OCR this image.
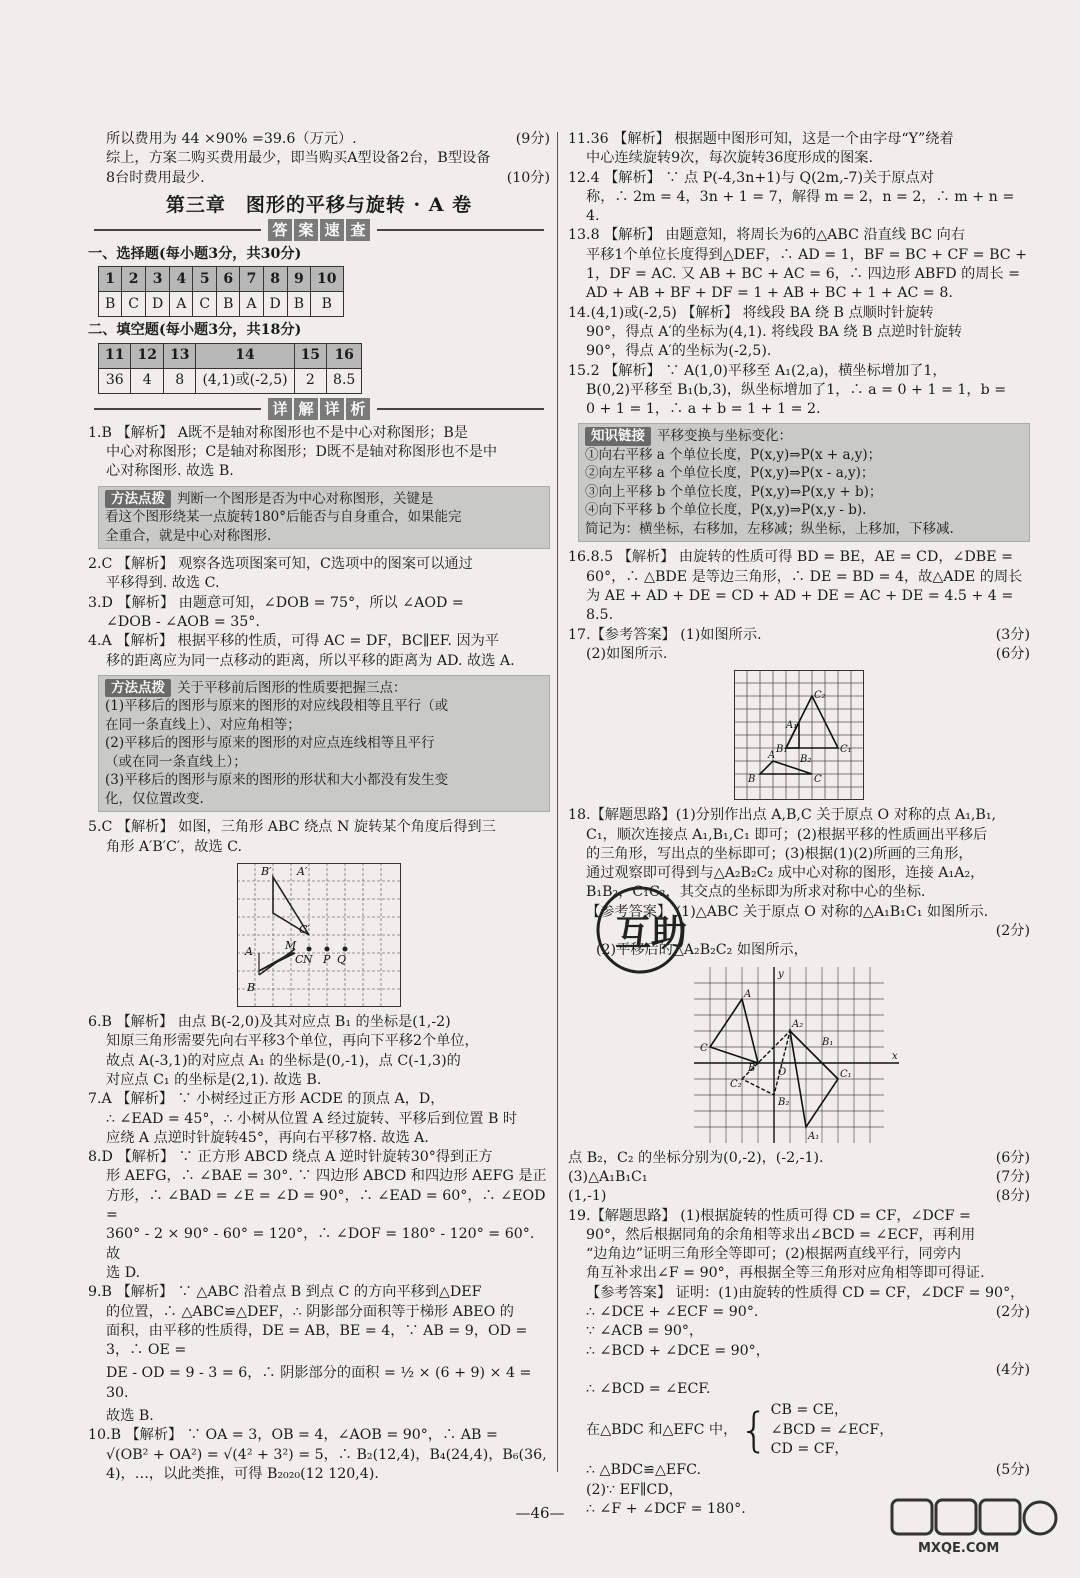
所以费用为 44 ×90% =39.6（万元）.	(9分)

综上，方案二购买费用最少，即当购买A型设备2台，B型设备

8台时费用最少.	(10分)
第三章　图形的平移与旋转 · A 卷
答 案 速 查

一、选择题(每小题3分，共30分)

1	2	3	4	5	6	7	8	9	10
B	C	D	A	C	B	A	D	B	B

二、填空题(每小题3分，共18分)

11	12	13	14	15	16
36	4	8	(4,1)或(-2,5)	2	8.5
详 解 详 析

1.B 【解析】 A既不是轴对称图形也不是中心对称图形；B是

中心对称图形；C是轴对称图形；D既不是轴对称图形也不是中

心对称图形. 故选 B.

方法点拨 判断一个图形是否为中心对称图形，关键是

看这个图形绕某一点旋转180°后能否与自身重合，如果能完

全重合，就是中心对称图形.

2.C 【解析】 观察各选项图案可知，C选项中的图案可以通过

平移得到. 故选 C.

3.D 【解析】 由题意可知，∠DOB = 75°，所以 ∠AOD =

∠DOB - ∠AOB = 35°.

4.A 【解析】 根据平移的性质，可得 AC = DF，BC∥EF. 因为平

移的距离应为同一点移动的距离，所以平移的距离为 AD. 故选 A.

方法点拨 关于平移前后图形的性质要把握三点：

(1)平移后的图形与原来的图形的对应线段相等且平行（或

在同一条直线上）、对应角相等；

(2)平移后的图形与原来的图形的对应点连线相等且平行

（或在同一条直线上）；

(3)平移后的图形与原来的图形的形状和大小都没有发生变

化，仅位置改变.

5.C 【解析】 如图，三角形 ABC 绕点 N 旋转某个角度后得到三

角形 A′B′C′，故选 C.

B′ A′
C′
A	M
C N P Q
B

6.B 【解析】 由点 B(-2,0)及其对应点 B₁ 的坐标是(1,-2)

知原三角形需要先向右平移3个单位，再向下平移2个单位，

故点 A(-3,1)的对应点 A₁ 的坐标是(0,-1)，点 C(-1,3)的

对应点 C₁ 的坐标是(2,1). 故选 B.

7.A 【解析】 ∵ 小树经过正方形 ACDE 的顶点 A，D，

∴ ∠EAD = 45°，∴ 小树从位置 A 经过旋转、平移后到位置 B 时

应绕 A 点逆时针旋转45°，再向右平移7格. 故选 A.

8.D 【解析】 ∵ 正方形 ABCD 绕点 A 逆时针旋转30°得到正方

形 AEFG，∴ ∠BAE = 30°. ∵ 四边形 ABCD 和四边形 AEFG 是正

方形，∴ ∠BAD = ∠E = ∠D = 90°，∴ ∠EAD = 60°，∴ ∠EOD =

360° - 2 × 90° - 60° = 120°，∴ ∠DOF = 180° - 120° = 60°. 故

选 D.

9.B 【解析】 ∵ △ABC 沿着点 B 到点 C 的方向平移到△DEF

的位置，∴ △ABC≌△DEF，∴ 阴影部分面积等于梯形 ABEO 的

面积，由平移的性质得，DE = AB，BE = 4，∵ AB = 9，OD = 3，∴ OE =

DE - OD = 9 - 3 = 6，∴ 阴影部分的面积 = ½ × (6 + 9) × 4 = 30.

故选 B.

10.B 【解析】 ∵ OA = 3，OB = 4，∠AOB = 90°，∴ AB =

√(OB² + OA²) = √(4² + 3²) = 5，∴ B₂(12,4)，B₄(24,4)，B₆(36,

4)，…，以此类推，可得 B₂₀₂₀(12 120,4).

11.36 【解析】 根据题中图形可知，这是一个由字母“Y”绕着

中心连续旋转9次，每次旋转36度形成的图案.

12.4 【解析】 ∵ 点 P(-4,3n+1)与 Q(2m,-7)关于原点对

称，∴ 2m = 4，3n + 1 = 7，解得 m = 2，n = 2，∴ m + n = 4.

13.8 【解析】 由题意知，将周长为6的△ABC 沿直线 BC 向右

平移1个单位长度得到△DEF，∴ AD = 1，BF = BC + CF = BC +

1，DF = AC. 又 AB + BC + AC = 6，∴ 四边形 ABFD 的周长 =

AD + AB + BF + DF = 1 + AB + BC + 1 + AC = 8.

14.(4,1)或(-2,5) 【解析】 将线段 BA 绕 B 点顺时针旋转

90°，得点 A′的坐标为(4,1). 将线段 BA 绕 B 点逆时针旋转

90°，得点 A′的坐标为(-2,5).

15.2 【解析】 ∵ A(1,0)平移至 A₁(2,a)，横坐标增加了1，

B(0,2)平移至 B₁(b,3)，纵坐标增加了1，∴ a = 0 + 1 = 1，b =

0 + 1 = 1，∴ a + b = 1 + 1 = 2.

知识链接 平移变换与坐标变化：

①向右平移 a 个单位长度，P(x,y)⇒P(x + a,y)；

②向左平移 a 个单位长度，P(x,y)⇒P(x - a,y)；

③向上平移 b 个单位长度，P(x,y)⇒P(x,y + b)；

④向下平移 b 个单位长度，P(x,y)⇒P(x,y - b).

简记为：横坐标，右移加，左移减；纵坐标，上移加，下移减.

16.8.5 【解析】 由旋转的性质可得 BD = BE，AE = CD，∠DBE =

60°，∴ △BDE 是等边三角形，∴ DE = BD = 4，故△ADE 的周长

为 AE + AD + DE = CD + AD + DE = AC + DE = 4.5 + 4 = 8.5.

17.【参考答案】 (1)如图所示.	(3分)
(2)如图所示.	(6分)
C₂
A₁
B₁	C₁
B₂
B
A
C

18.【解题思路】(1)分别作出点 A,B,C 关于原点 O 对称的点 A₁,B₁,

C₁，顺次连接点 A₁,B₁,C₁ 即可；(2)根据平移的性质画出平移后

的三角形，写出点的坐标即可；(3)根据(1)(2)所画的三角形，

通过观察即可得到与△A₂B₂C₂ 成中心对称的图形，连接 A₁A₂，

B₁B₂，C₁C₂，其交点的坐标即为所求对称中心的坐标.

【参考答案】 (1)△ABC 关于原点 O 对称的△A₁B₁C₁ 如图所示.

(2分)

(2)平移后的△A₂B₂C₂ 如图所示，

y
x
O
A
C
B
A₂
C₁
A₁
B₁
C₂
B₂
点 B₂，C₂ 的坐标分别为(0,-2)，(-2,-1).	(6分)
(3)△A₁B₁C₁	(7分)
(1,-1)	(8分)

19.【解题思路】 (1)根据旋转的性质可得 CD = CF，∠DCF =

90°，然后根据同角的余角相等求出∠BCD = ∠ECF，再利用

“边角边”证明三角形全等即可；(2)根据两直线平行，同旁内

角互补求出∠F = 90°，再根据全等三角形对应角相等即可得证.

【参考答案】 证明：(1)由旋转的性质得 CD = CF，∠DCF = 90°，

∴ ∠DCE + ∠ECF = 90°.	(2分)

∵ ∠ACB = 90°，

∴ ∠BCD + ∠DCE = 90°，

(4分)

∴ ∠BCD = ∠ECF.

在△BDC 和△EFC 中， { CB = CE，
∠BCD = ∠ECF，
CD = CF，
∴ △BDC≌△EFC.	(5分)

(2)∵ EF∥CD，

∴ ∠F + ∠DCF = 180°.

互助
—46—
MXQE.COM
